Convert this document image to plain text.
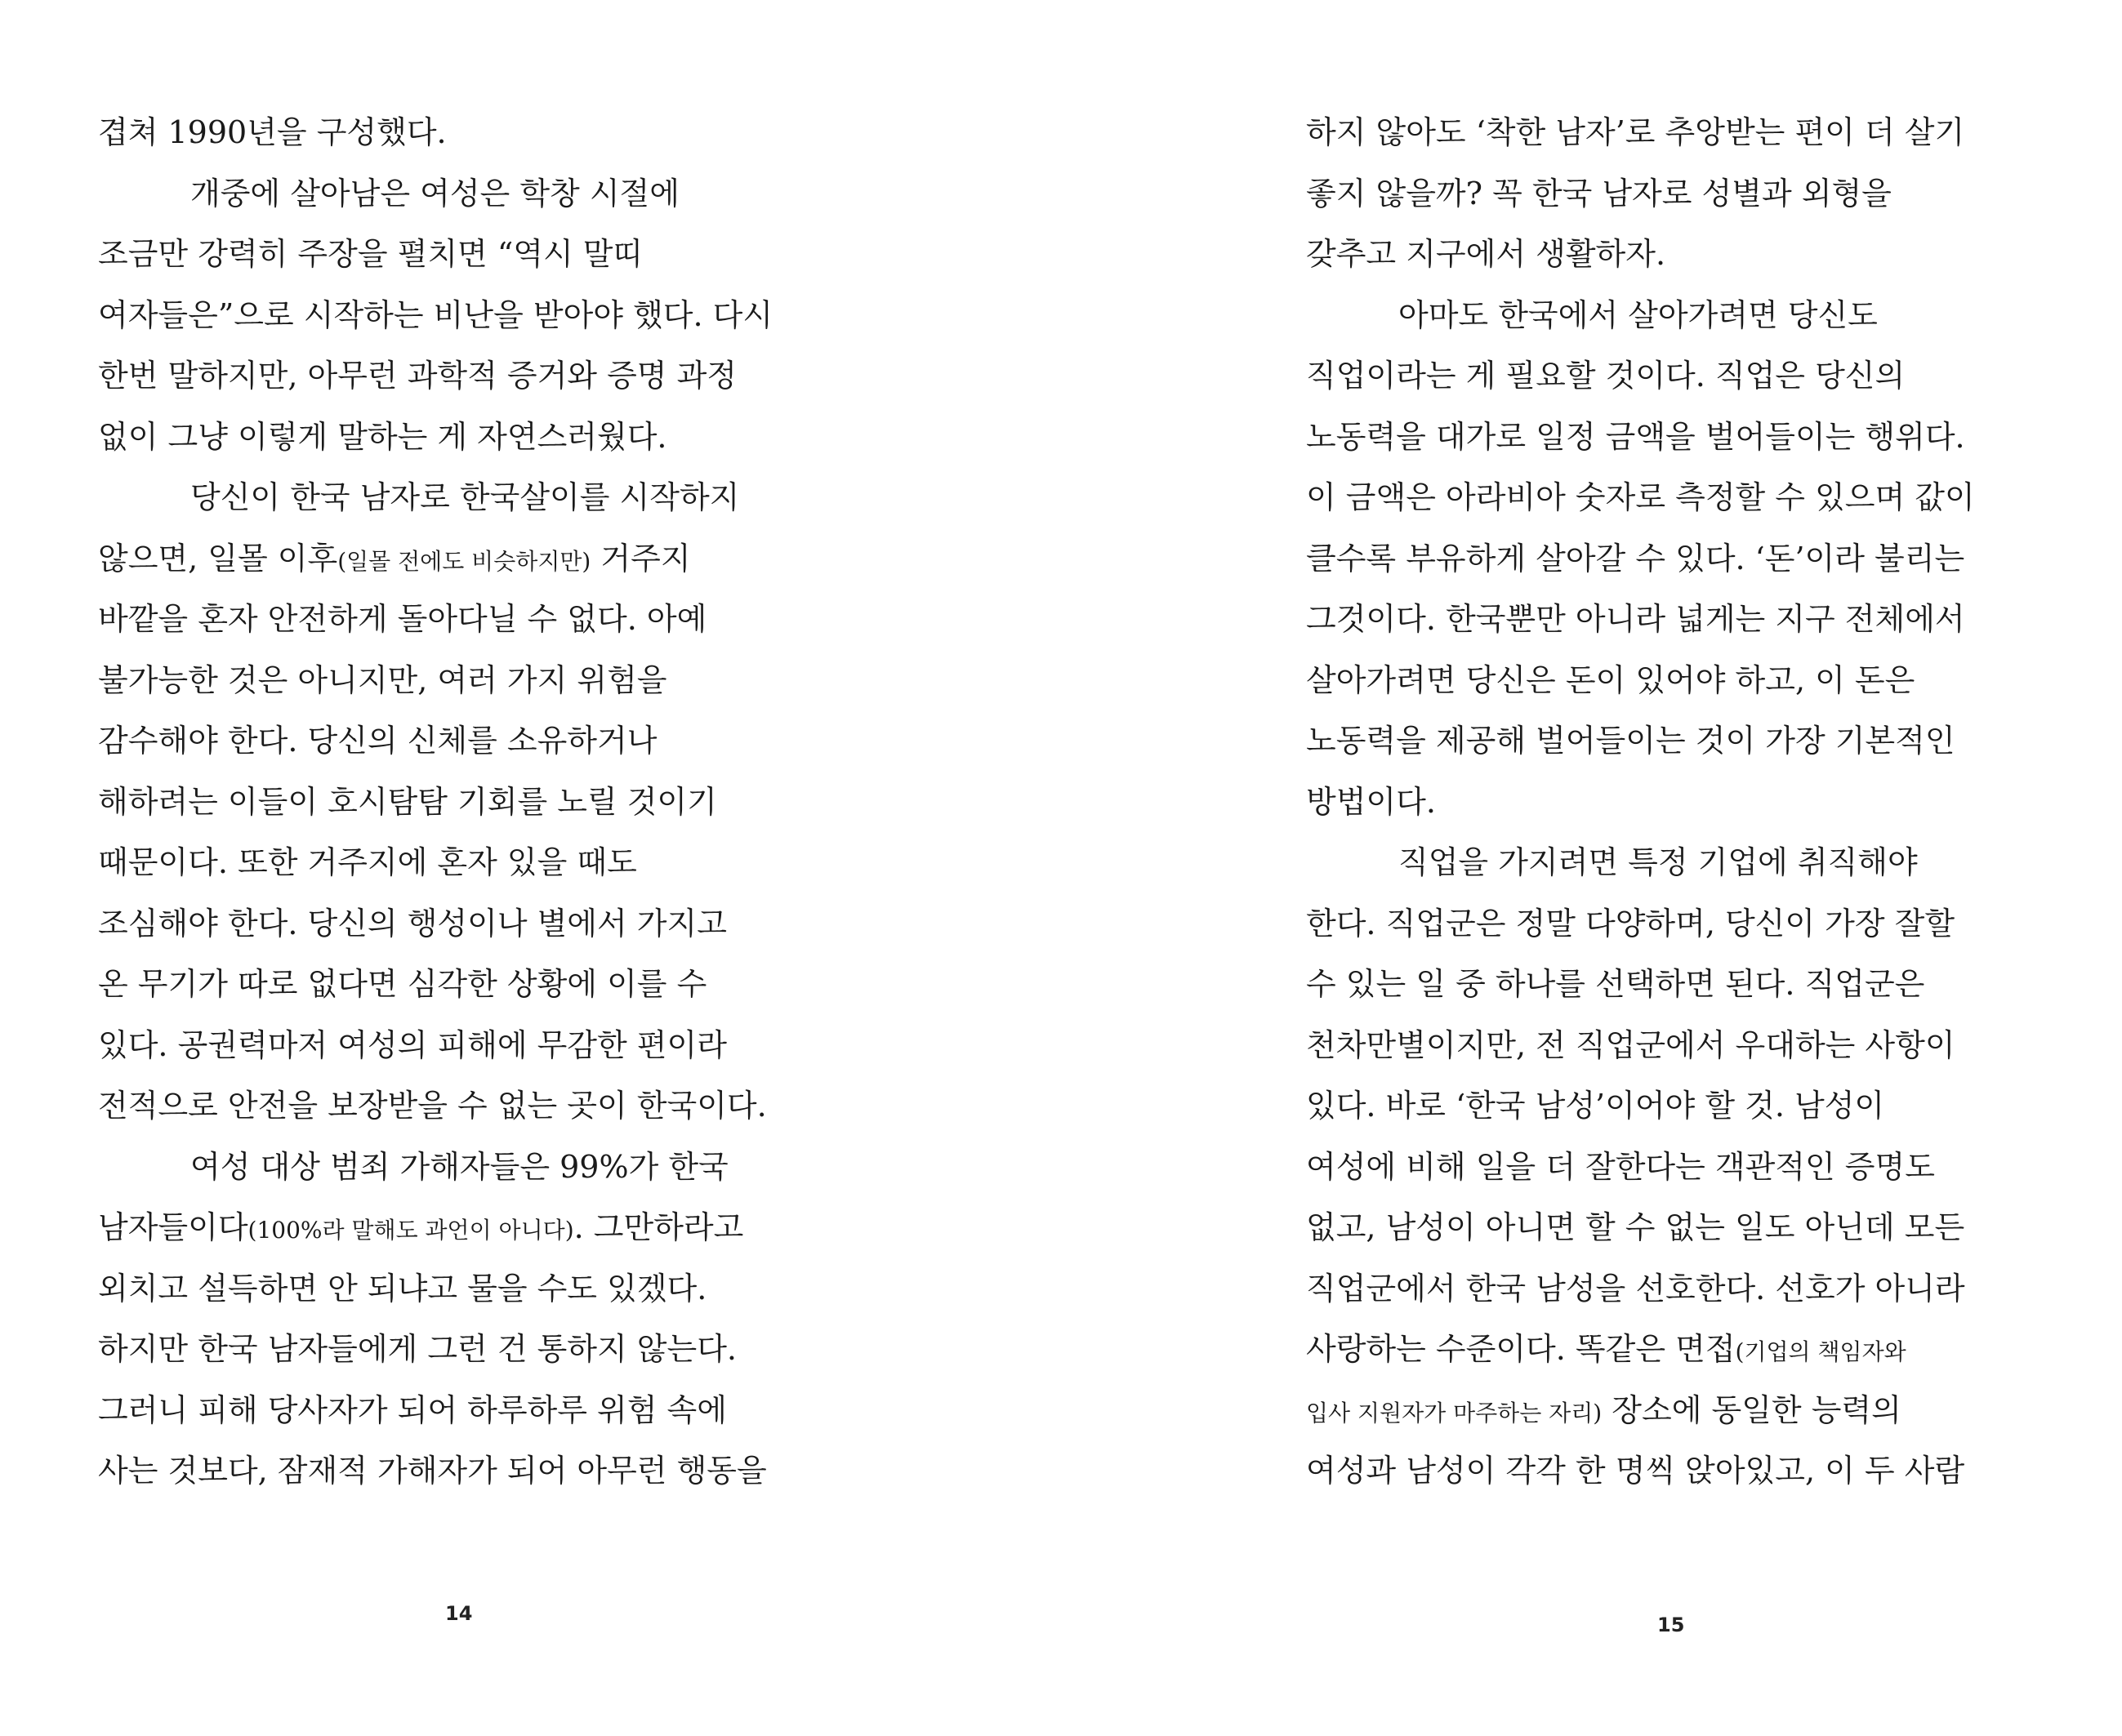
겹쳐 1990년을 구성했다.
개중에 살아남은 여성은 학창 시절에
조금만 강력히 주장을 펼치면 “역시 말띠
여자들은”으로 시작하는 비난을 받아야 했다. 다시
한번 말하지만, 아무런 과학적 증거와 증명 과정
없이 그냥 이렇게 말하는 게 자연스러웠다.
당신이 한국 남자로 한국살이를 시작하지
않으면, 일몰 이후(일몰 전에도 비슷하지만) 거주지
바깥을 혼자 안전하게 돌아다닐 수 없다. 아예
불가능한 것은 아니지만, 여러 가지 위험을
감수해야 한다. 당신의 신체를 소유하거나
해하려는 이들이 호시탐탐 기회를 노릴 것이기
때문이다. 또한 거주지에 혼자 있을 때도
조심해야 한다. 당신의 행성이나 별에서 가지고
온 무기가 따로 없다면 심각한 상황에 이를 수
있다. 공권력마저 여성의 피해에 무감한 편이라
전적으로 안전을 보장받을 수 없는 곳이 한국이다.
여성 대상 범죄 가해자들은 99%가 한국
남자들이다(100%라 말해도 과언이 아니다). 그만하라고
외치고 설득하면 안 되냐고 물을 수도 있겠다.
하지만 한국 남자들에게 그런 건 통하지 않는다.
그러니 피해 당사자가 되어 하루하루 위험 속에
사는 것보다, 잠재적 가해자가 되어 아무런 행동을
14
하지 않아도 ‘착한 남자’로 추앙받는 편이 더 살기
좋지 않을까? 꼭 한국 남자로 성별과 외형을
갖추고 지구에서 생활하자.
아마도 한국에서 살아가려면 당신도
직업이라는 게 필요할 것이다. 직업은 당신의
노동력을 대가로 일정 금액을 벌어들이는 행위다.
이 금액은 아라비아 숫자로 측정할 수 있으며 값이
클수록 부유하게 살아갈 수 있다. ‘돈’이라 불리는
그것이다. 한국뿐만 아니라 넓게는 지구 전체에서
살아가려면 당신은 돈이 있어야 하고, 이 돈은
노동력을 제공해 벌어들이는 것이 가장 기본적인
방법이다.
직업을 가지려면 특정 기업에 취직해야
한다. 직업군은 정말 다양하며, 당신이 가장 잘할
수 있는 일 중 하나를 선택하면 된다. 직업군은
천차만별이지만, 전 직업군에서 우대하는 사항이
있다. 바로 ‘한국 남성’이어야 할 것. 남성이
여성에 비해 일을 더 잘한다는 객관적인 증명도
없고, 남성이 아니면 할 수 없는 일도 아닌데 모든
직업군에서 한국 남성을 선호한다. 선호가 아니라
사랑하는 수준이다. 똑같은 면접(기업의 책임자와
입사 지원자가 마주하는 자리) 장소에 동일한 능력의
여성과 남성이 각각 한 명씩 앉아있고, 이 두 사람
15
